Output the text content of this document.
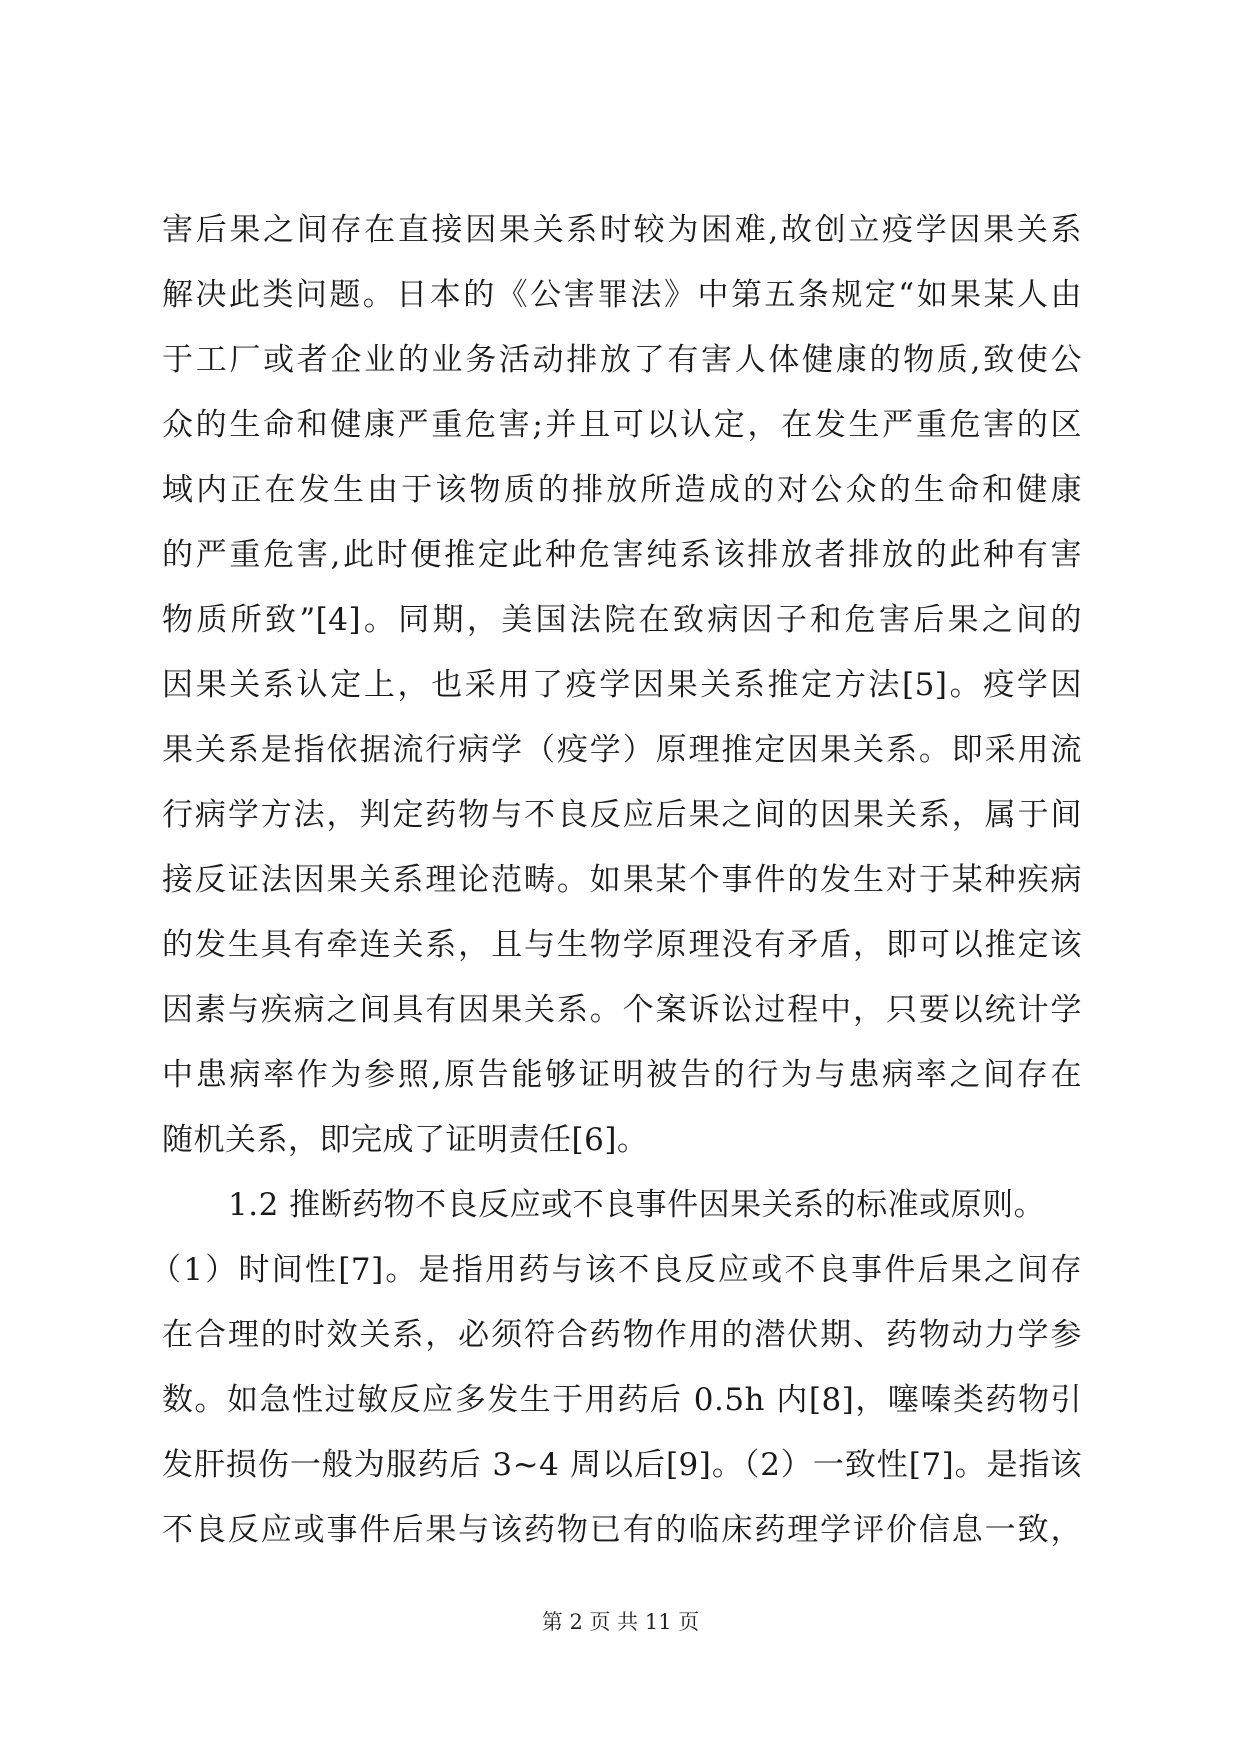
害后果之间存在直接因果关系时较为困难,故创立疫学因果关系
解决此类问题。日本的《公害罪法》中第五条规定“如果某人由
于工厂或者企业的业务活动排放了有害人体健康的物质,致使公
众的生命和健康严重危害;并且可以认定，在发生严重危害的区
域内正在发生由于该物质的排放所造成的对公众的生命和健康
的严重危害,此时便推定此种危害纯系该排放者排放的此种有害
物质所致”[4]。同期，美国法院在致病因子和危害后果之间的
因果关系认定上，也采用了疫学因果关系推定方法[5]。疫学因
果关系是指依据流行病学（疫学）原理推定因果关系。即采用流
行病学方法，判定药物与不良反应后果之间的因果关系，属于间
接反证法因果关系理论范畴。如果某个事件的发生对于某种疾病
的发生具有牵连关系，且与生物学原理没有矛盾，即可以推定该
因素与疾病之间具有因果关系。个案诉讼过程中，只要以统计学
中患病率作为参照,原告能够证明被告的行为与患病率之间存在
随机关系，即完成了证明责任[6]。
1.2 推断药物不良反应或不良事件因果关系的标准或原则。
（1）时间性[7]。是指用药与该不良反应或不良事件后果之间存
在合理的时效关系，必须符合药物作用的潜伏期、药物动力学参
数。如急性过敏反应多发生于用药后 0.5h 内[8]，噻嗪类药物引
发肝损伤一般为服药后 3~4 周以后[9]。（2）一致性[7]。是指该
不良反应或事件后果与该药物已有的临床药理学评价信息一致，
第 2 页 共 11 页
